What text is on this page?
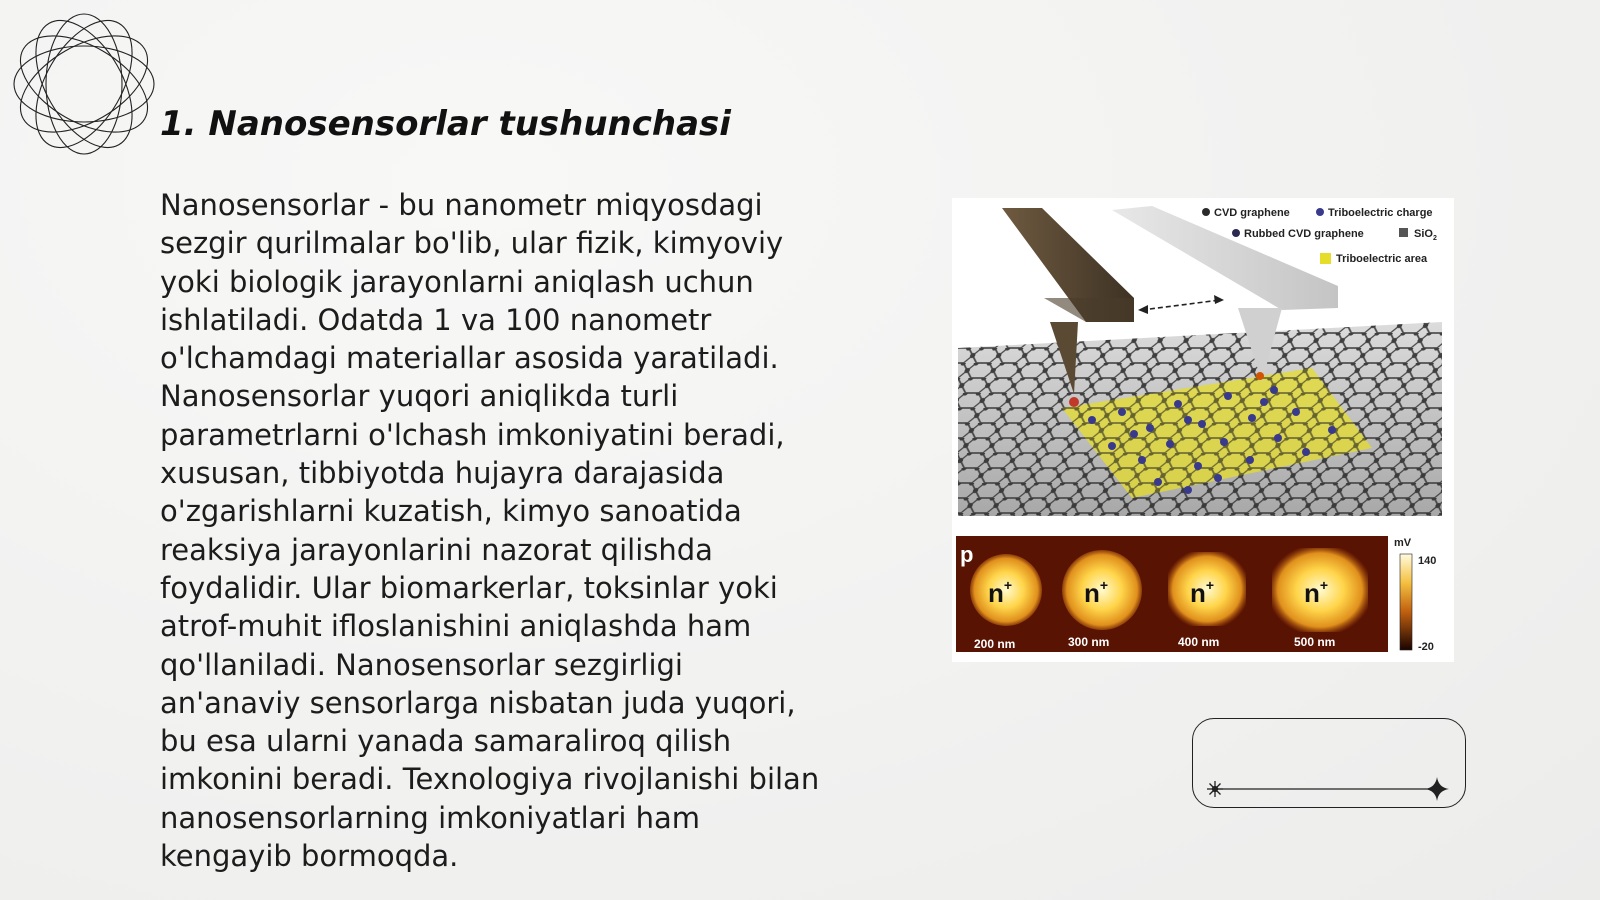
1. Nanosensorlar tushunchasi

Nanosensorlar - bu nanometr miqyosdagi sezgir qurilmalar bo'lib, ular fizik, kimyoviy yoki biologik jarayonlarni aniqlash uchun ishlatiladi. Odatda 1 va 100 nanometr o'lchamdagi materiallar asosida yaratiladi. Nanosensorlar yuqori aniqlikda turli parametrlarni o'lchash imkoniyatini beradi, xususan, tibbiyotda hujayra darajasida o'zgarishlarni kuzatish, kimyo sanoatida reaksiya jarayonlarini nazorat qilishda foydalidir. Ular biomarkerlar, toksinlar yoki atrof-muhit ifloslanishini aniqlashda ham qo'llaniladi. Nanosensorlar sezgirligi an'anaviy sensorlarga nisbatan juda yuqori, bu esa ularni yanada samaraliroq qilish imkonini beradi. Texnologiya rivojlanishi bilan nanosensorlarning imkoniyatlari ham kengayib bormoqda.

CVD graphene	Triboelectric charge
Rubbed CVD graphene	SiO$_2$
Triboelectric area
p
n+	n+	n+	n+
200 nm	300 nm	400 nm	500 nm
mV
140
-20
